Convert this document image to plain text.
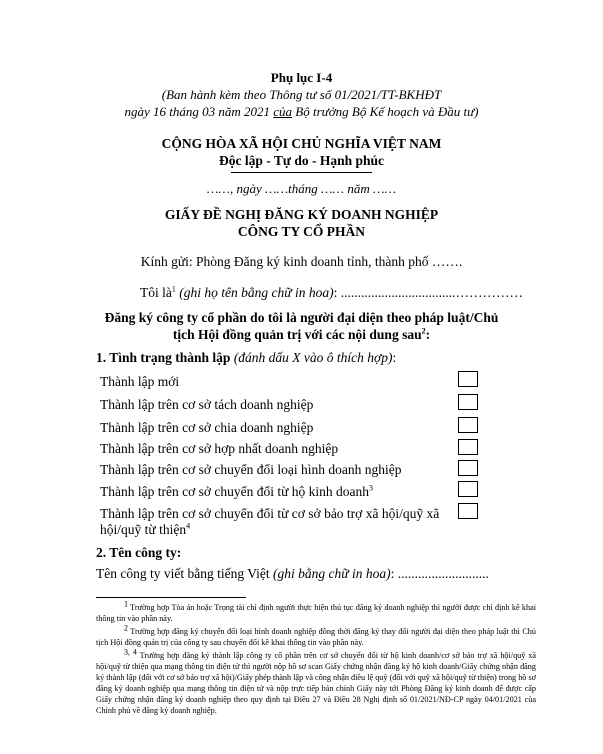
Phụ lục I-4
(Ban hành kèm theo Thông tư số 01/2021/TT-BKHĐT
ngày 16 tháng 03 năm 2021 của Bộ trưởng Bộ Kế hoạch và Đầu tư)
CỘNG HÒA XÃ HỘI CHỦ NGHĨA VIỆT NAM
Độc lập - Tự do - Hạnh phúc
……, ngày ……tháng …… năm ……
GIẤY ĐỀ NGHỊ ĐĂNG KÝ DOANH NGHIỆP
CÔNG TY CỔ PHẦN
Kính gửi: Phòng Đăng ký kinh doanh tỉnh, thành phố …….
Tôi $là^1$ (ghi họ tên bằng chữ in hoa): ..................................……………
Đăng ký công ty cổ phần do tôi là người đại diện theo pháp luật/Chủ
tịch Hội đồng quản trị với các nội dung sau$^2$:
1. Tình trạng thành lập (đánh dấu X vào ô thích hợp):
Thành lập mới
Thành lập trên cơ sở tách doanh nghiệp
Thành lập trên cơ sở chia doanh nghiệp
Thành lập trên cơ sở hợp nhất doanh nghiệp
Thành lập trên cơ sở chuyển đổi loại hình doanh nghiệp
Thành lập trên cơ sở chuyển đổi từ hộ kinh doanh$^3$
Thành lập trên cơ sở chuyển đổi từ cơ sở bảo trợ xã hội/quỹ xã
hội/quỹ từ thiện$^4$
2. Tên công ty:
Tên công ty viết bằng tiếng Việt (ghi bằng chữ in hoa): ...........................
$^1$ Trường hợp Tòa án hoặc Trọng tài chỉ định người thực hiện thủ tục đăng ký doanh nghiệp thì người được chỉ định kê khai thông tin vào phần này.
$^2$ Trường hợp đăng ký chuyển đổi loại hình doanh nghiệp đồng thời đăng ký thay đổi người đại diện theo pháp luật thì Chủ tịch Hội đồng quản trị của công ty sau chuyển đổi kê khai thông tin vào phần này.
$^{3, 4}$ Trường hợp đăng ký thành lập công ty cổ phần trên cơ sở chuyển đổi từ hộ kinh doanh/cơ sở bảo trợ xã hội/quỹ xã hội/quỹ từ thiện qua mạng thông tin điện tử thì người nộp hồ sơ scan Giấy chứng nhận đăng ký hộ kinh doanh/Giấy chứng nhận đăng ký thành lập (đối với cơ sở bảo trợ xã hội)/Giấy phép thành lập và công nhận điều lệ quỹ (đối với quỹ xã hội/quỹ từ thiện) trong hồ sơ đăng ký doanh nghiệp qua mạng thông tin điện tử và nộp trực tiếp bản chính Giấy này tới Phòng Đăng ký kinh doanh để được cấp Giấy chứng nhận đăng ký doanh nghiệp theo quy định tại Điều 27 và Điều 28 Nghị định số 01/2021/NĐ-CP ngày 04/01/2021 của Chính phủ về đăng ký doanh nghiệp.
